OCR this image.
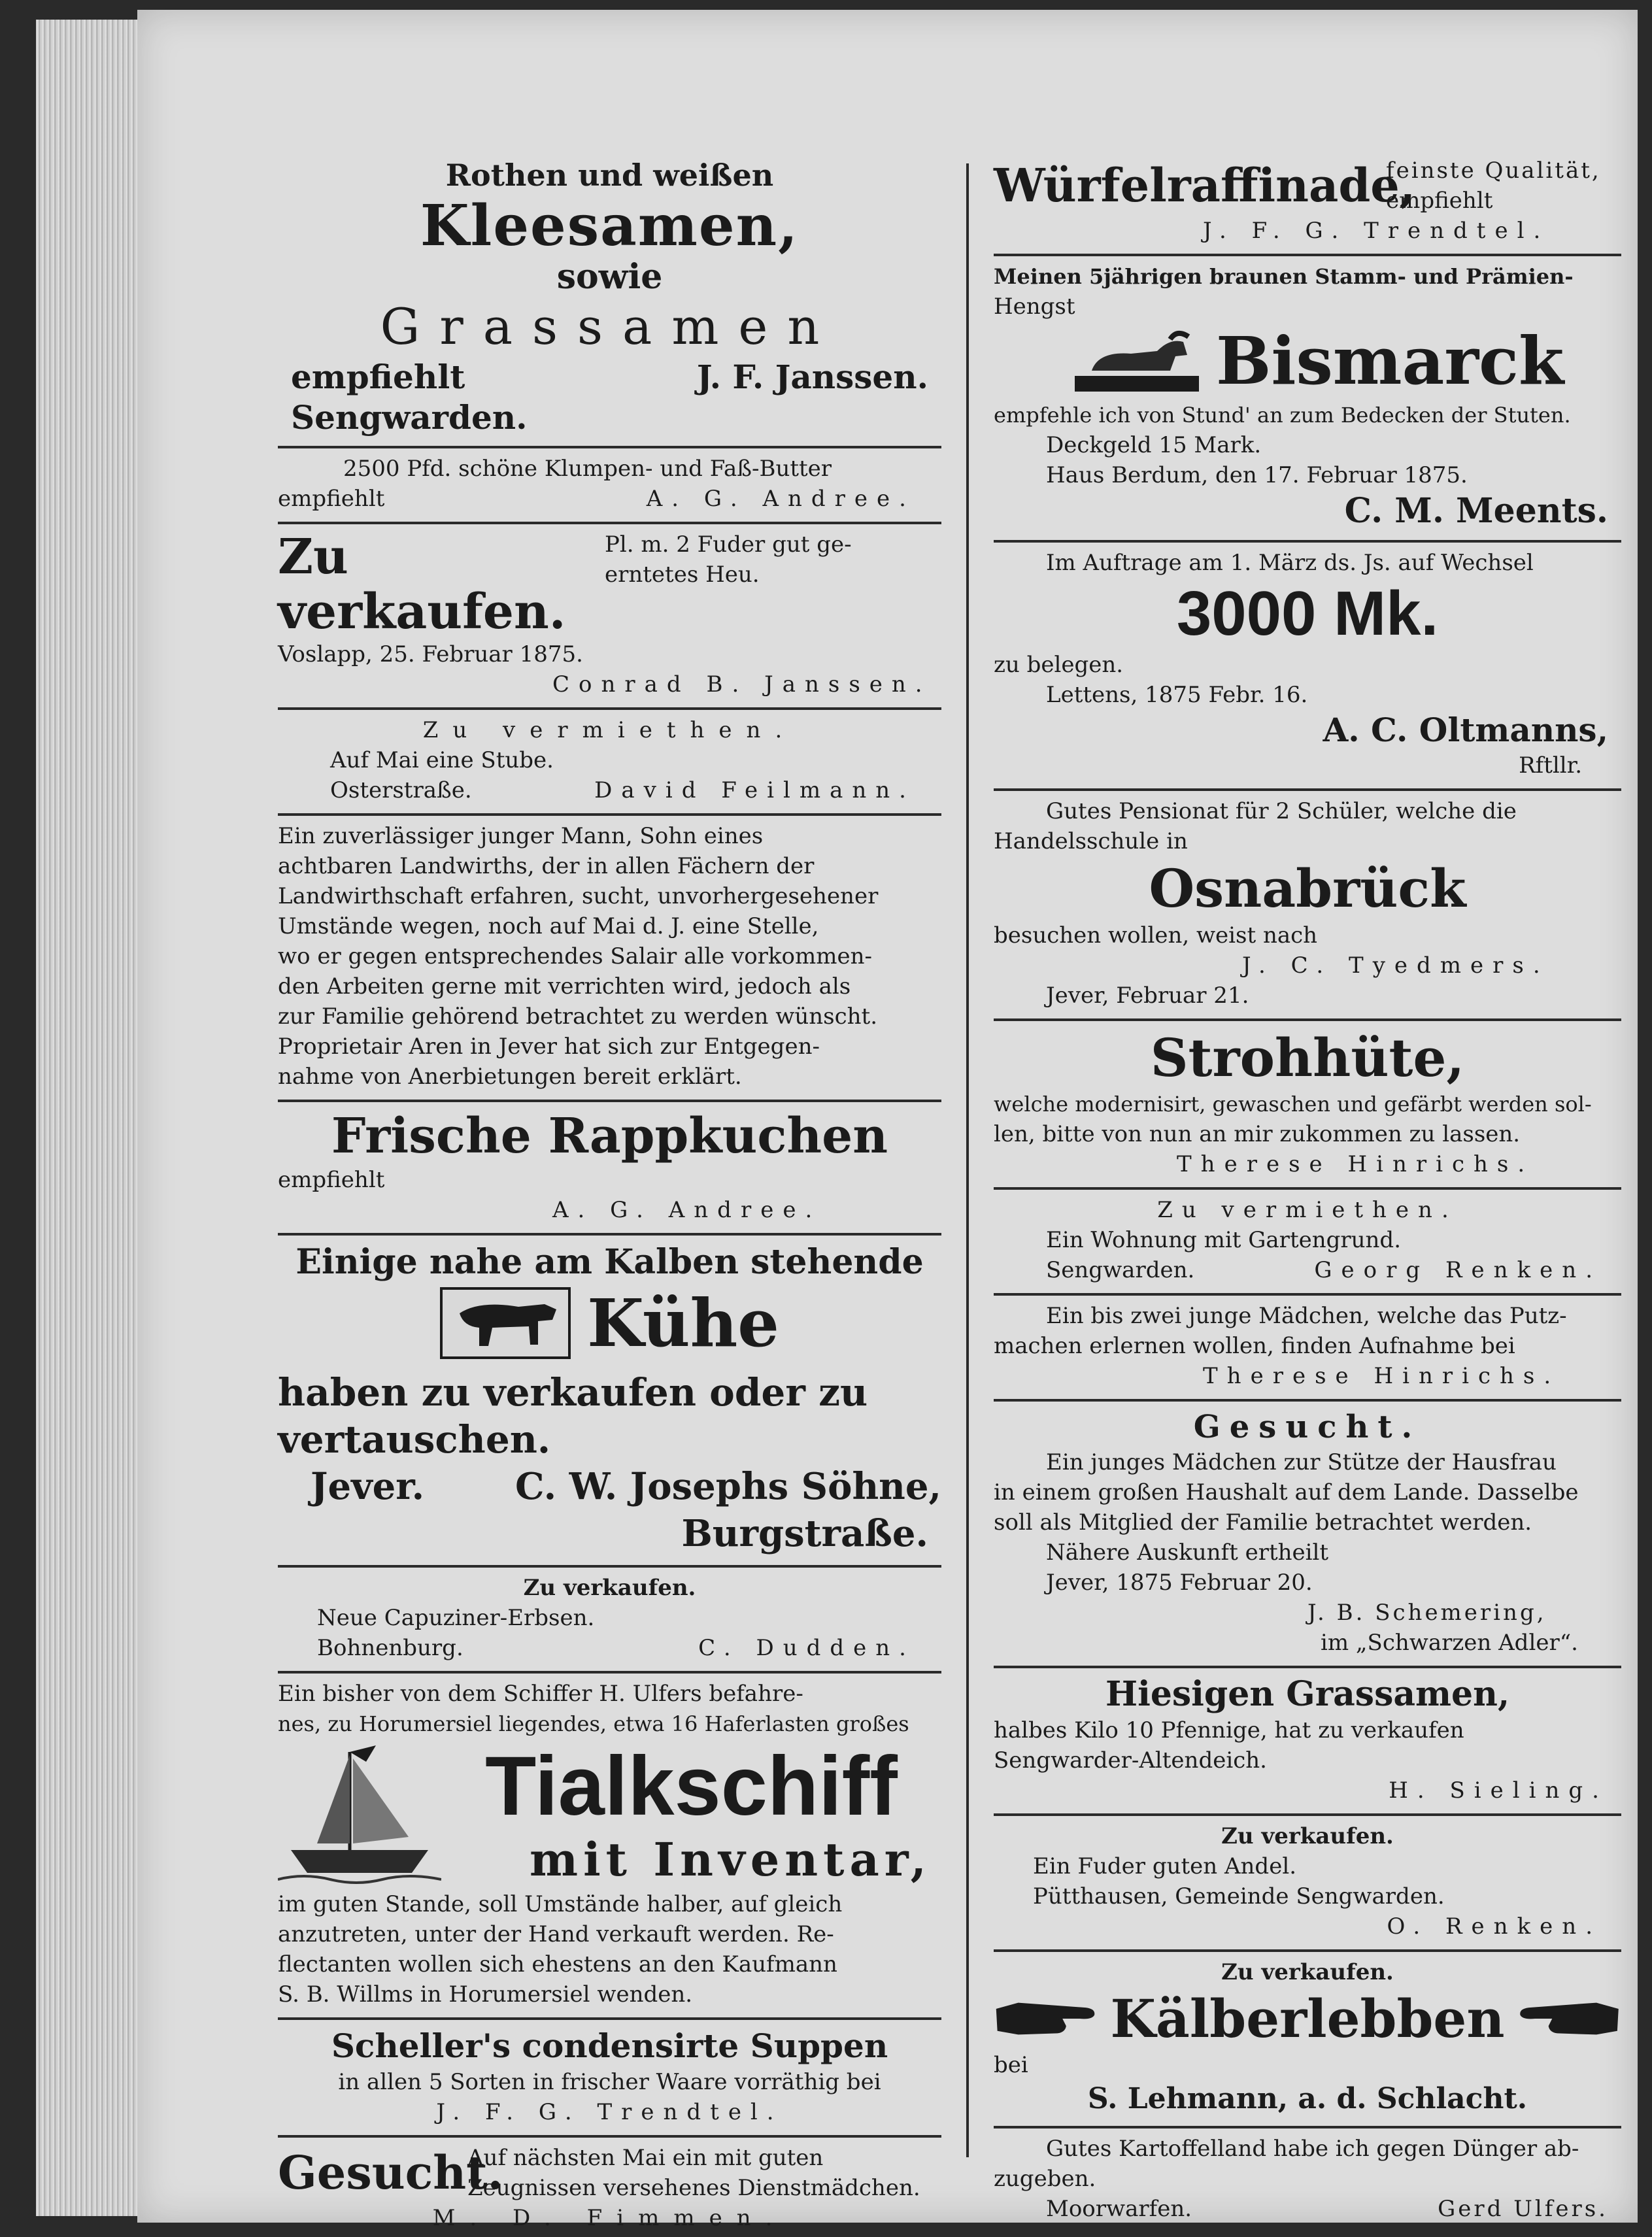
Rothen und weißen
Kleesamen,
sowie
Grassamen
empfiehlt	J. F. Janssen.
Sengwarden.
2500 Pfd. schöne Klumpen- und Faß-Butter
empfiehlt	A. G. Andree.
Zu verkaufen.
Pl. m. 2 Fuder gut ge-
erntetes Heu.
Voslapp, 25. Februar 1875.
Conrad B. Janssen.
Zu vermiethen.
Auf Mai eine Stube.
Osterstraße.	David Feilmann.
Ein zuverlässiger junger Mann, Sohn eines
achtbaren Landwirths, der in allen Fächern der
Landwirthschaft erfahren, sucht, unvorhergesehener
Umstände wegen, noch auf Mai d. J. eine Stelle,
wo er gegen entsprechendes Salair alle vorkommen-
den Arbeiten gerne mit verrichten wird, jedoch als
zur Familie gehörend betrachtet zu werden wünscht.
Proprietair Aren in Jever hat sich zur Entgegen-
nahme von Anerbietungen bereit erklärt.
Frische Rappkuchen
empfiehlt
A. G. Andree.
Einige nahe am Kalben stehende
Kühe
haben zu verkaufen oder zu
vertauschen.
Jever. C. W. Josephs Söhne,
Burgstraße.
Zu verkaufen.
Neue Capuziner-Erbsen.
Bohnenburg.	C. Dudden.
Ein bisher von dem Schiffer H. Ulfers befahre-
nes, zu Horumersiel liegendes, etwa 16 Haferlasten großes
Tialkschiff
mit Inventar,
im guten Stande, soll Umstände halber, auf gleich
anzutreten, unter der Hand verkauft werden. Re-
flectanten wollen sich ehestens an den Kaufmann
S. B. Willms in Horumersiel wenden.
Scheller's condensirte Suppen
in allen 5 Sorten in frischer Waare vorräthig bei
J. F. G. Trendtel.
Gesucht.
Auf nächsten Mai ein mit guten
Zeugnissen versehenes Dienstmädchen.
M. D. Fimmen.
Würfelraffinade,
feinste Qualität,
empfiehlt
J. F. G. Trendtel.
Meinen 5jährigen braunen Stamm- und Prämien-
Hengst
Bismarck
empfehle ich von Stund' an zum Bedecken der Stuten.
Deckgeld 15 Mark.
Haus Berdum, den 17. Februar 1875.
C. M. Meents.
Im Auftrage am 1. März ds. Js. auf Wechsel
3000 Mk.
zu belegen.
Lettens, 1875 Febr. 16.
A. C. Oltmanns,
Rftllr.
Gutes Pensionat für 2 Schüler, welche die
Handelsschule in
Osnabrück
besuchen wollen, weist nach
J. C. Tyedmers.
Jever, Februar 21.
Strohhüte,
welche modernisirt, gewaschen und gefärbt werden sol-
len, bitte von nun an mir zukommen zu lassen.
Therese Hinrichs.
Zu vermiethen.
Ein Wohnung mit Gartengrund.
Sengwarden.	Georg Renken.
Ein bis zwei junge Mädchen, welche das Putz-
machen erlernen wollen, finden Aufnahme bei
Therese Hinrichs.
Gesucht.
Ein junges Mädchen zur Stütze der Hausfrau
in einem großen Haushalt auf dem Lande. Dasselbe
soll als Mitglied der Familie betrachtet werden.
Nähere Auskunft ertheilt
Jever, 1875 Februar 20.
J. B. Schemering,
im „Schwarzen Adler“.
Hiesigen Grassamen,
halbes Kilo 10 Pfennige, hat zu verkaufen
Sengwarder-Altendeich.
H. Sieling.
Zu verkaufen.
Ein Fuder guten Andel.
Pütthausen, Gemeinde Sengwarden.
O. Renken.
Zu verkaufen.
Kälberlebben
bei
S. Lehmann, a. d. Schlacht.
Gutes Kartoffelland habe ich gegen Dünger ab-
zugeben.
Moorwarfen.	Gerd Ulfers.
